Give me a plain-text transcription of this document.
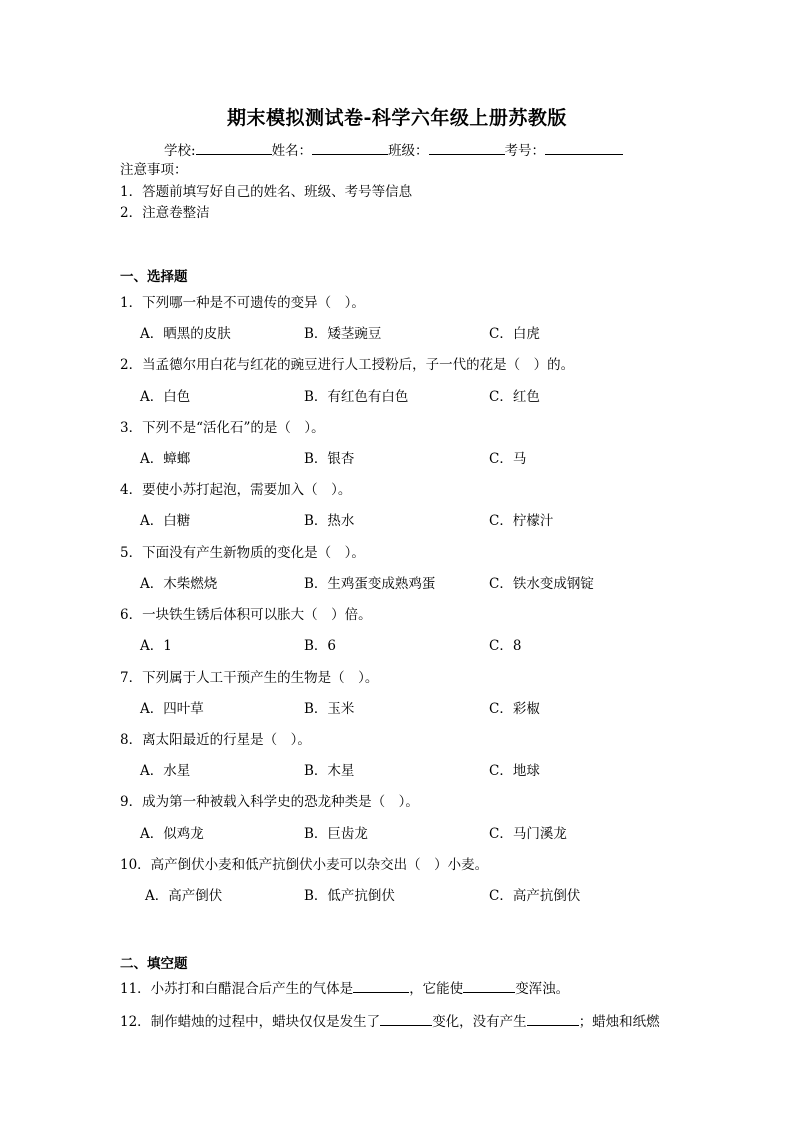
期末模拟测试卷-科学六年级上册苏教版
学校:	姓名：	班级：	考号：
注意事项：
1．答题前填写好自己的姓名、班级、考号等信息
2．注意卷整洁
一、选择题
1．下列哪一种是不可遗传的变异（　）。
A．晒黑的皮肤	B．矮茎豌豆	C．白虎
2．当孟德尔用白花与红花的豌豆进行人工授粉后，子一代的花是（　）的。
A．白色	B．有红色有白色	C．红色
3．下列不是“活化石”的是（　）。
A．蟑螂	B．银杏	C．马
4．要使小苏打起泡，需要加入（　）。
A．白糖	B．热水	C．柠檬汁
5．下面没有产生新物质的变化是（　）。
A．木柴燃烧	B．生鸡蛋变成熟鸡蛋	C．铁水变成钢锭
6．一块铁生锈后体积可以胀大（　）倍。
A．1	B．6	C．8
7．下列属于人工干预产生的生物是（　）。
A．四叶草	B．玉米	C．彩椒
8．离太阳最近的行星是（　）。
A．水星	B．木星	C．地球
9．成为第一种被载入科学史的恐龙种类是（　）。
A．似鸡龙	B．巨齿龙	C．马门溪龙
10．高产倒伏小麦和低产抗倒伏小麦可以杂交出（　）小麦。
A．高产倒伏	B．低产抗倒伏	C．高产抗倒伏
二、填空题
11．小苏打和白醋混合后产生的气体是	，它能使	变浑浊。
12．制作蜡烛的过程中，蜡块仅仅是发生了	变化，没有产生	；蜡烛和纸燃
